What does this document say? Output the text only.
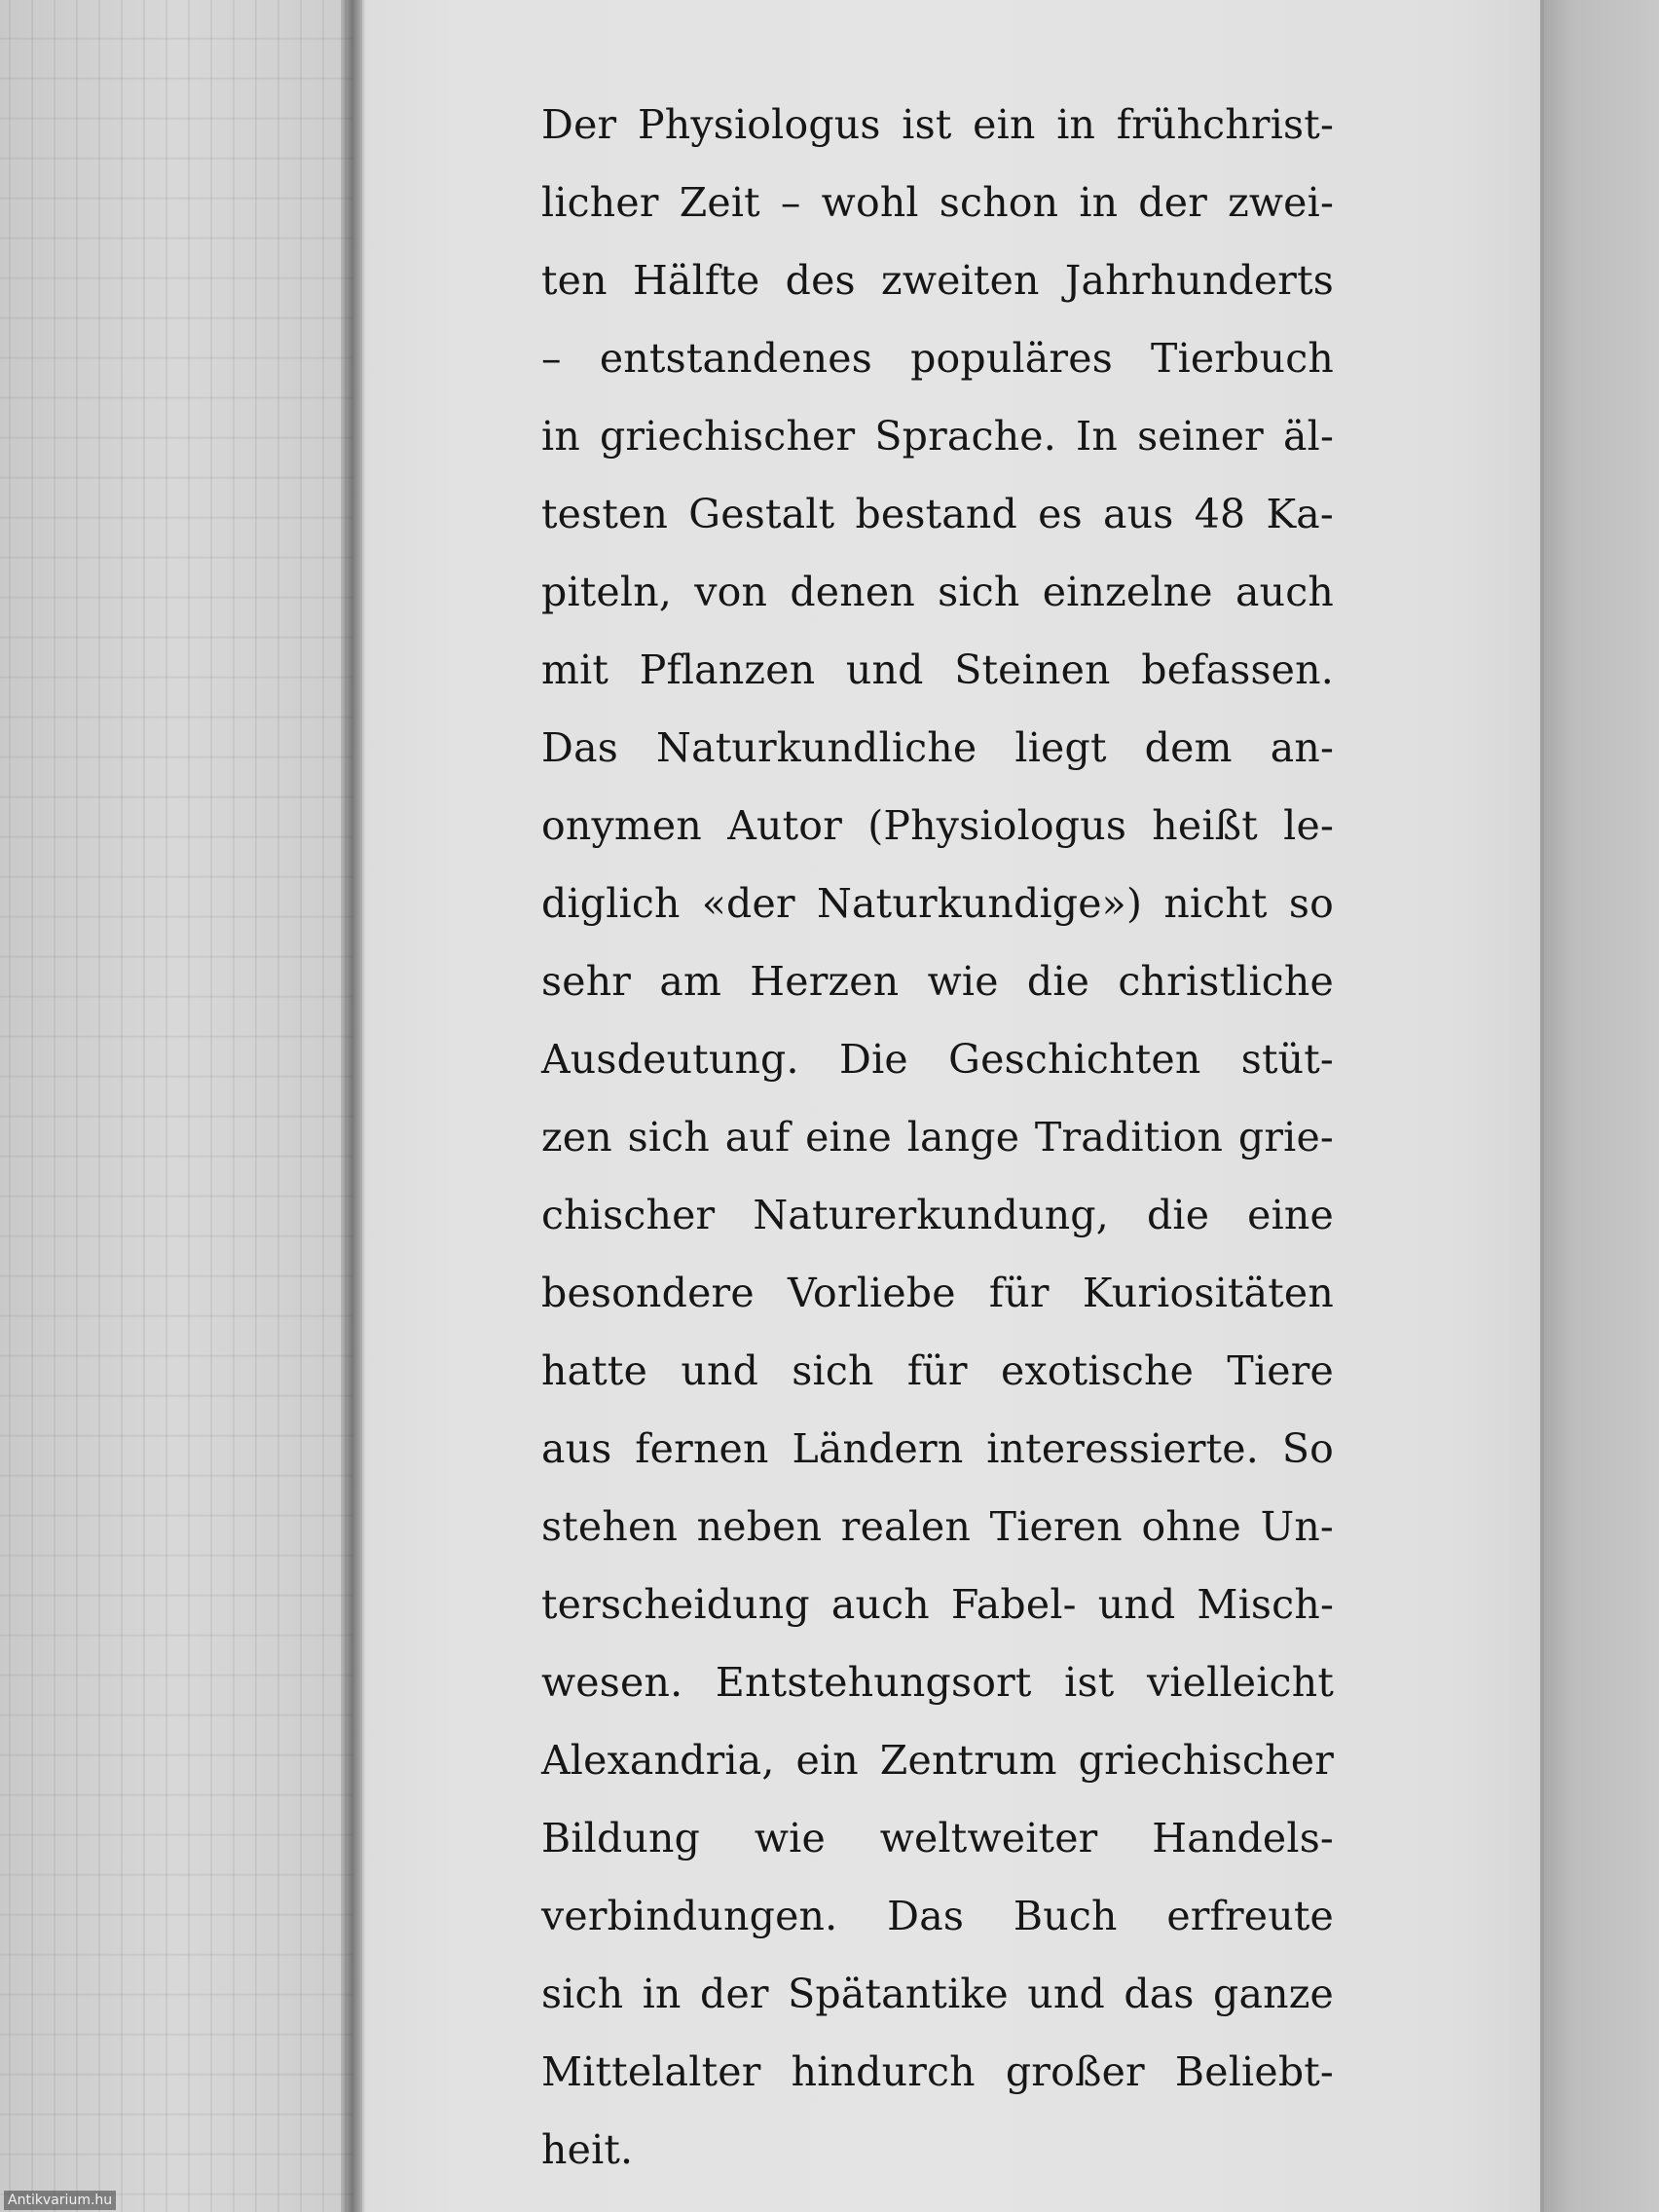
Der Physiologus ist ein in frühchrist-
licher Zeit – wohl schon in der zwei-
ten Hälfte des zweiten Jahrhunderts
– entstandenes populäres Tierbuch
in griechischer Sprache. In seiner äl-
testen Gestalt bestand es aus 48 Ka-
piteln, von denen sich einzelne auch
mit Pflanzen und Steinen befassen.
Das Naturkundliche liegt dem an-
onymen Autor (Physiologus heißt le-
diglich «der Naturkundige») nicht so
sehr am Herzen wie die christliche
Ausdeutung. Die Geschichten stüt-
zen sich auf eine lange Tradition grie-
chischer Naturerkundung, die eine
besondere Vorliebe für Kuriositäten
hatte und sich für exotische Tiere
aus fernen Ländern interessierte. So
stehen neben realen Tieren ohne Un-
terscheidung auch Fabel- und Misch-
wesen. Entstehungsort ist vielleicht
Alexandria, ein Zentrum griechischer
Bildung wie weltweiter Handels-
verbindungen. Das Buch erfreute
sich in der Spätantike und das ganze
Mittelalter hindurch großer Beliebt-
heit.
Antikvarium.hu
